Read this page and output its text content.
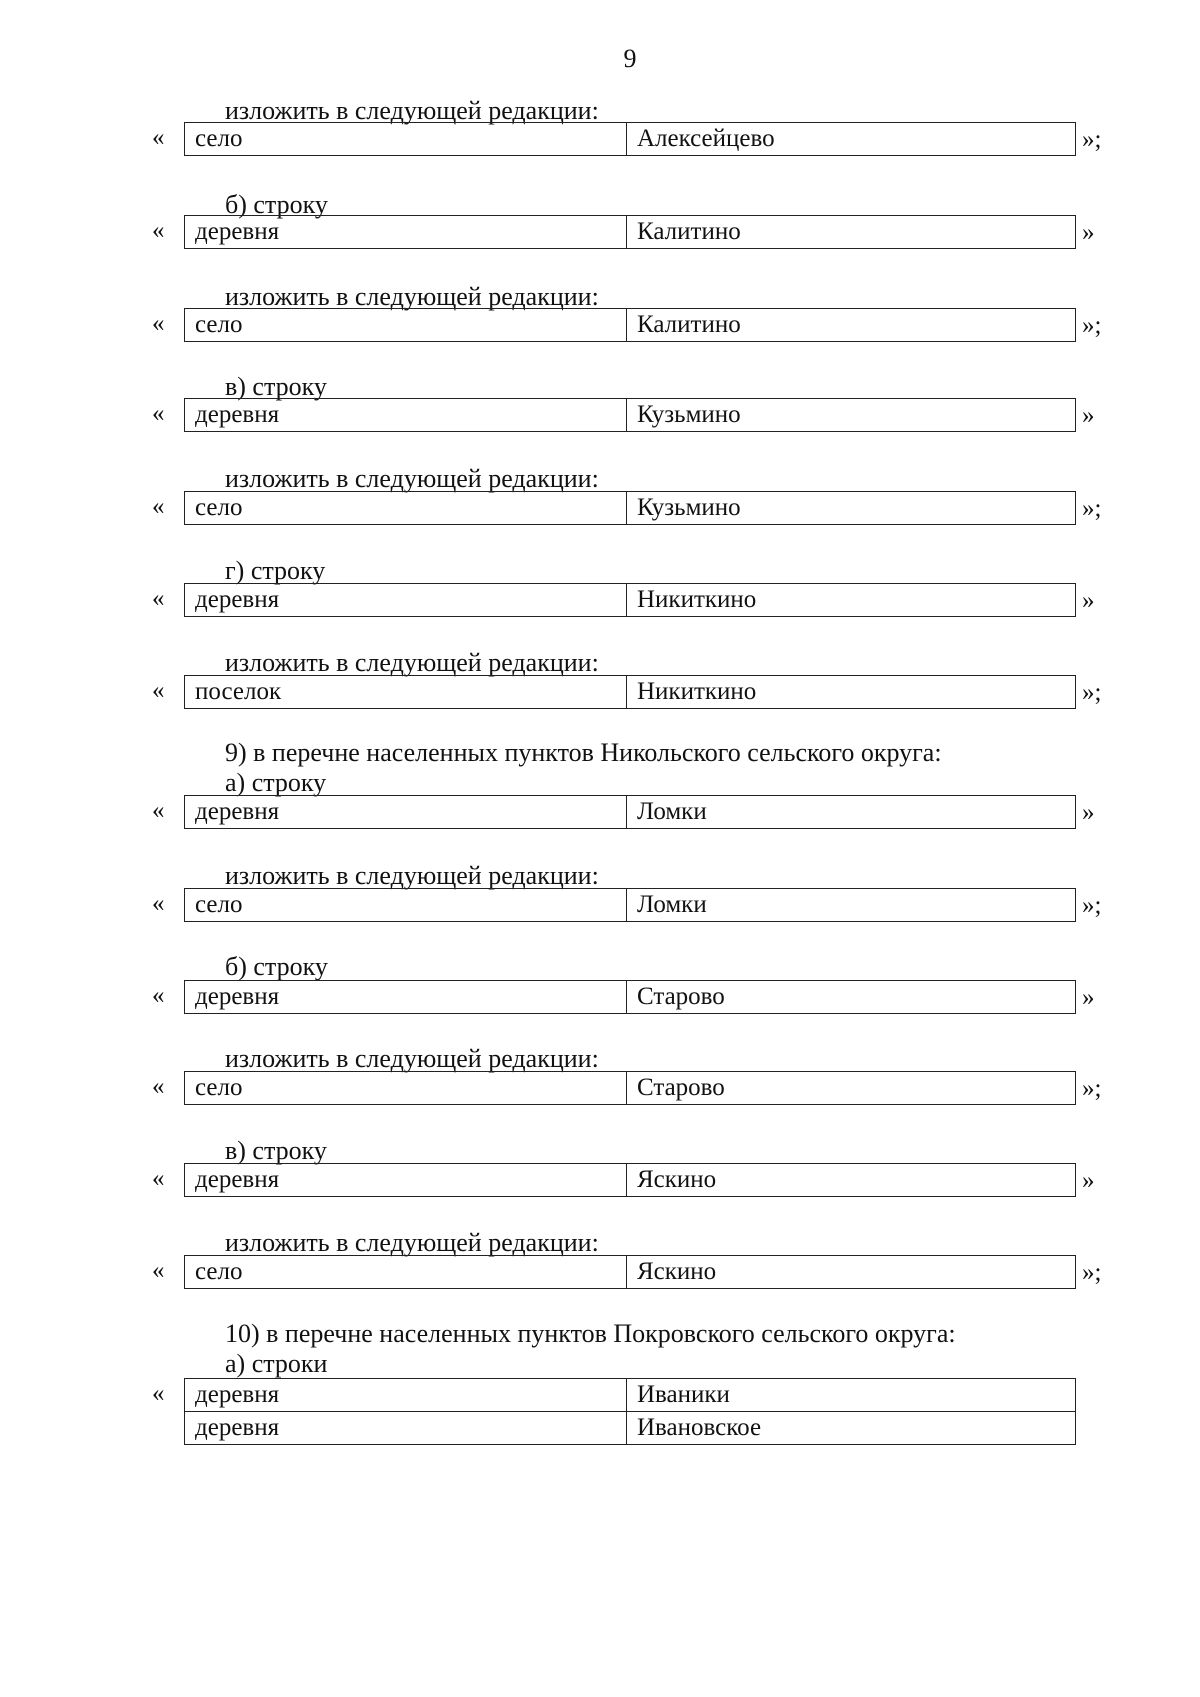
9
изложить в следующей редакции:
«	село	Алексейцево	»;
б) строку
«	деревня	Калитино	»
изложить в следующей редакции:
«	село	Калитино	»;
в) строку
«	деревня	Кузьмино	»
изложить в следующей редакции:
«	село	Кузьмино	»;
г) строку
«	деревня	Никиткино	»
изложить в следующей редакции:
«	поселок	Никиткино	»;
9) в перечне населенных пунктов Никольского сельского округа:
а) строку
«	деревня	Ломки	»
изложить в следующей редакции:
«	село	Ломки	»;
б) строку
«	деревня	Старово	»
изложить в следующей редакции:
«	село	Старово	»;
в) строку
«	деревня	Яскино	»
изложить в следующей редакции:
«	село	Яскино	»;
10) в перечне населенных пунктов Покровского сельского округа:
а) строки
«	деревня	Иваники
деревня	Ивановское
